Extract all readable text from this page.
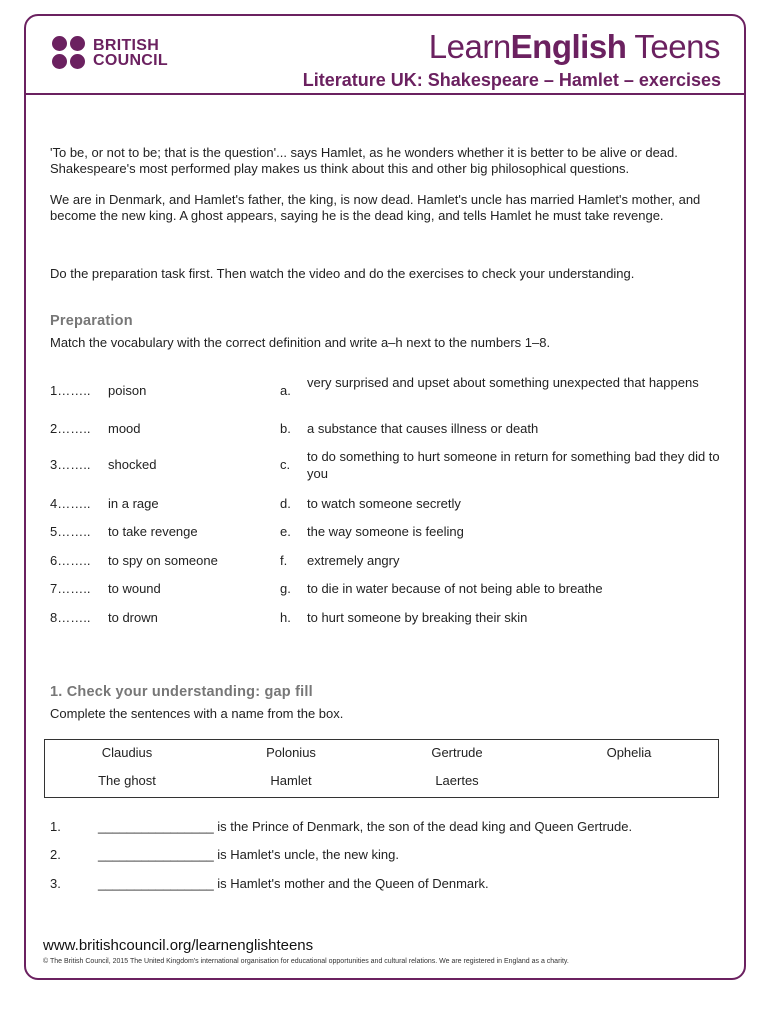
BRITISH
COUNCIL	LearnEnglish Teens
Literature UK: Shakespeare – Hamlet – exercises
'To be, or not to be; that is the question'... says Hamlet, as he wonders whether it is better to be alive or dead. Shakespeare's most performed play makes us think about this and other big philosophical questions.
We are in Denmark, and Hamlet's father, the king, is now dead. Hamlet's uncle has married Hamlet's mother, and become the new king. A ghost appears, saying he is the dead king, and tells Hamlet he must take revenge.
Do the preparation task first. Then watch the video and do the exercises to check your understanding.
Preparation
Match the vocabulary with the correct definition and write a–h next to the numbers 1–8.
1…….. poison	a.
very surprised and upset about something unexpected that happens
2…….. mood	b. a substance that causes illness or death
3…….. shocked	c.
to do something to hurt someone in return for something bad they did to you
4…….. in a rage	d. to watch someone secretly
5…….. to take revenge	e. the way someone is feeling
6…….. to spy on someone	f. extremely angry
7…….. to wound	g. to die in water because of not being able to breathe
8…….. to drown	h. to hurt someone by breaking their skin
1. Check your understanding: gap fill
Complete the sentences with a name from the box.
Claudius	Polonius	Gertrude	Ophelia
The ghost	Hamlet	Laertes
1.	________________ is the Prince of Denmark, the son of the dead king and Queen Gertrude.
2.	________________ is Hamlet's uncle, the new king.
3.	________________ is Hamlet's mother and the Queen of Denmark.
www.britishcouncil.org/learnenglishteens
© The British Council, 2015 The United Kingdom's international organisation for educational opportunities and cultural relations. We are registered in England as a charity.
